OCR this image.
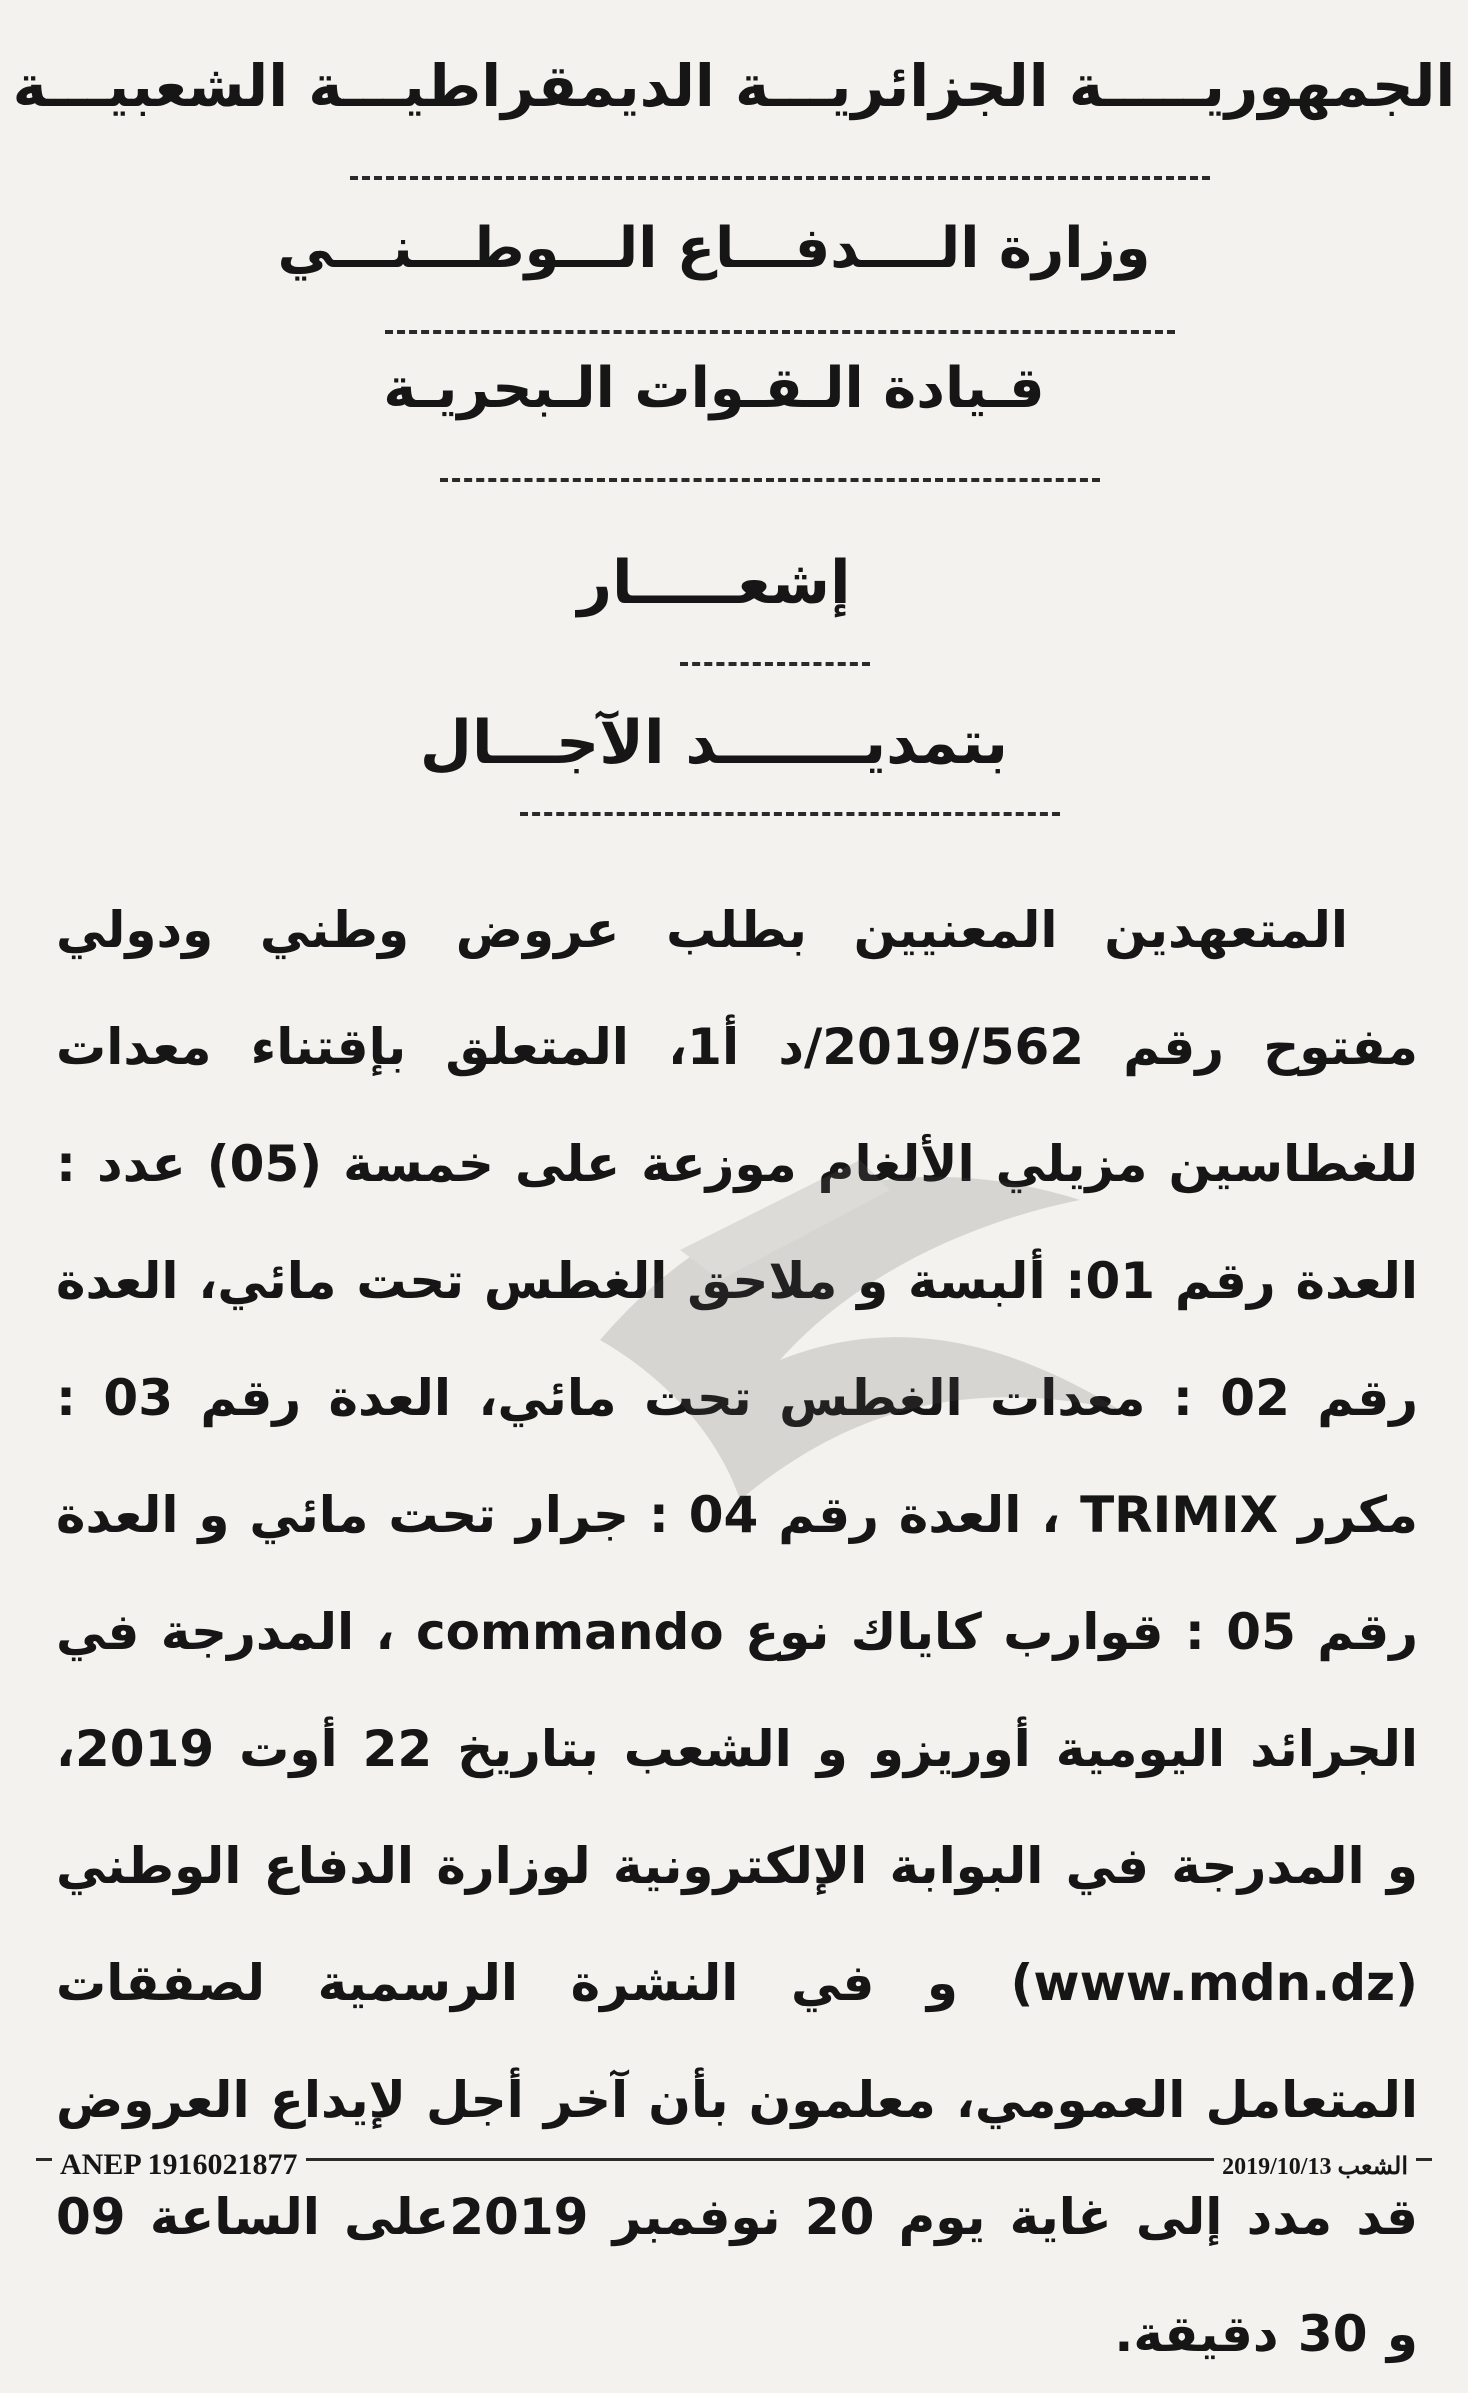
الجمهوريـــــة الجزائريـــة الديمقراطيـــة الشعبيـــة
وزارة الــــدفـــاع الـــوطـــنـــي
قـيادة الـقـوات الـبحريـة
إشعـــــار
بتمديـــــــد الآجـــال

المتعهدين المعنيين بطلب عروض وطني ودولي مفتوح رقم 2019/562/د أ1، المتعلق بإقتناء معدات للغطاسين مزيلي الألغام موزعة على خمسة (05) عدد : العدة رقم 01: ألبسة و ملاحق الغطس تحت مائي، العدة رقم 02 : معدات الغطس تحت مائي، العدة رقم 03 : مكرر TRIMIX ، العدة رقم 04 : جرار تحت مائي و العدة رقم 05 : قوارب كاياك نوع commando ، المدرجة في الجرائد اليومية أوريزو و الشعب بتاريخ 22 أوت 2019، و المدرجة في البوابة الإلكترونية لوزارة الدفاع الوطني (www.mdn.dz) و في النشرة الرسمية لصفقات المتعامل العمومي، معلمون بأن آخر أجل لإيداع العروض قد مدد إلى غاية يوم 20 نوفمبر 2019على الساعة 09 و 30 دقيقة.

ANEP 1916021877	2019/10/13 الشعب
